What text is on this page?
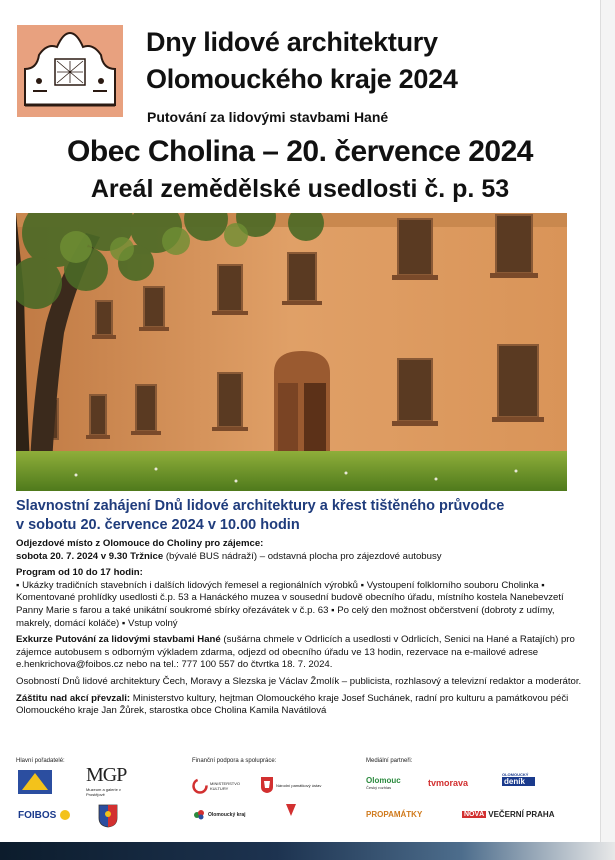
Dny lidové architektury
Olomouckého kraje 2024
Putování za lidovými stavbami Hané
Obec Cholina – 20. července 2024
Areál zemědělské usedlosti č. p. 53
Slavnostní zahájení Dnů lidové architektury a křest tištěného průvodce
v sobotu 20. července 2024 v 10.00 hodin
Odjezdové místo z Olomouce do Choliny pro zájemce:
sobota 20. 7. 2024 v 9.30 Tržnice (bývalé BUS nádraží) – odstavná plocha pro zájezdové autobusy
Program od 10 do 17 hodin:
▪ Ukázky tradičních stavebních i dalších lidových řemesel a regionálních výrobků ▪ Vystoupení folklorního souboru Cholinka ▪ Komentované prohlídky usedlosti č.p. 53 a Hanáckého muzea v sousední budově obecního úřadu, místního kostela Nanebevzetí Panny Marie s farou a také unikátní soukromé sbírky ořezávátek v č.p. 63 ▪ Po celý den možnost občerstvení (dobroty z udímy, makrely, domácí koláče) ▪ Vstup volný
Exkurze Putování za lidovými stavbami Hané (sušárna chmele v Odrlicích a usedlosti v Odrlicích, Senici na Hané a Ratajích) pro zájemce autobusem s odborným výkladem zdarma, odjezd od obecního úřadu ve 13 hodin, rezervace na e-mailové adrese e.henkrichova@foibos.cz nebo na tel.: 777 100 557 do čtvrtka 18. 7. 2024.
Osobností Dnů lidové architektury Čech, Moravy a Slezska je Václav Žmolík – publicista, rozhlasový a televizní redaktor a moderátor.
Záštitu nad akcí převzali: Ministerstvo kultury, hejtman Olomouckého kraje Josef Suchánek, radní pro kulturu a památkovou péči Olomouckého kraje Jan Žůrek, starostka obce Cholina Kamila Navátilová
Hlavní pořadatelé:	Finanční podpora a spolupráce:	Mediální partneři:
MGP
Muzeum a galerie v Prostějově
FOIBOS
MINISTERSTVO KULTURY
Národní památkový ústav
Olomoucký kraj
Olomouc
Český rozhlas	tvmorava
OLOMOUCKÝ
deník
PROPAMÁTKY	NOVÁ VEČERNÍ PRAHA
